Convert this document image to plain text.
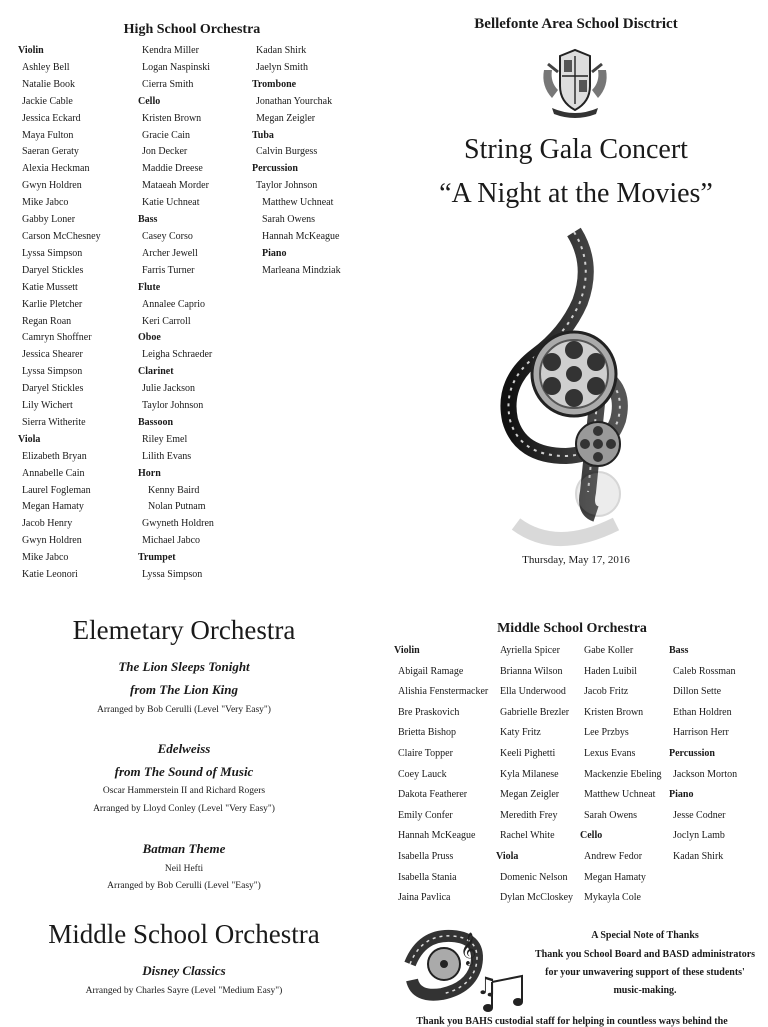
High School Orchestra
Violin
Ashley Bell
Natalie Book
Jackie Cable
Jessica Eckard
Maya Fulton
Saeran Geraty
Alexia Heckman
Gwyn Holdren
Mike Jabco
Gabby Loner
Carson McChesney
Lyssa Simpson
Daryel Stickles
Katie Mussett
Karlie Pletcher
Regan Roan
Camryn Shoffner
Jessica Shearer
Lyssa Simpson
Daryel Stickles
Lily Wichert
Sierra Witherite
Viola
Elizabeth Bryan
Annabelle Cain
Laurel Fogleman
Megan Hamaty
Jacob Henry
Gwyn Holdren
Mike Jabco
Katie Leonori
Kendra Miller
Logan Naspinski
Cierra Smith
Cello
Kristen Brown
Gracie Cain
Jon Decker
Maddie Dreese
Mataeah Morder
Katie Uchneat
Bass
Casey Corso
Archer Jewell
Farris Turner
Flute
Annalee Caprio
Keri Carroll
Oboe
Leigha Schraeder
Clarinet
Julie Jackson
Taylor Johnson
Bassoon
Riley Emel
Lilith Evans
Horn
Kenny Baird
Nolan Putnam
Gwyneth Holdren
Michael Jabco
Trumpet
Lyssa Simpson
Kadan Shirk
Jaelyn Smith
Trombone
Jonathan Yourchak
Megan Zeigler
Tuba
Calvin Burgess
Percussion
Taylor Johnson
Matthew Uchneat
Sarah Owens
Hannah McKeague
Piano
Marleana Mindziak
Bellefonte Area School Disctrict
String Gala Concert
“A Night at the Movies”
Thursday, May 17, 2016
Elemetary Orchestra
The Lion Sleeps Tonight
from The Lion King
Arranged by Bob Cerulli (Level "Very Easy")
Edelweiss
from The Sound of Music
Oscar Hammerstein II and Richard Rogers
Arranged by Lloyd Conley (Level "Very Easy")
Batman Theme
Neil Hefti
Arranged by Bob Cerulli (Level "Easy")
Middle School Orchestra
Disney Classics
Arranged by Charles Sayre (Level "Medium Easy")
Middle School Orchestra
Violin
Abigail Ramage
Alishia Fenstermacker
Bre Praskovich
Brietta Bishop
Claire Topper
Coey Lauck
Dakota Featherer
Emily Confer
Hannah McKeague
Isabella Pruss
Isabella Stania
Jaina Pavlica
Ayriella Spicer
Brianna Wilson
Ella Underwood
Gabrielle Brezler
Katy Fritz
Keeli Pighetti
Kyla Milanese
Megan Zeigler
Meredith Frey
Rachel White
Viola
Domenic Nelson
Dylan McCloskey
Gabe Koller
Haden Luibil
Jacob Fritz
Kristen Brown
Lee Przbys
Lexus Evans
Mackenzie Ebeling
Matthew Uchneat
Sarah Owens
Cello
Andrew Fedor
Megan Hamaty
Mykayla Cole
Bass
Caleb Rossman
Dillon Sette
Ethan Holdren
Harrison Herr
Percussion
Jackson Morton
Piano
Jesse Codner
Joclyn Lamb
Kadan Shirk
𝄞
♫
A Special Note of Thanks
Thank you School Board and BASD administrators for your unwavering support of these students' music-making.
Thank you BAHS custodial staff for helping in countless ways behind the
